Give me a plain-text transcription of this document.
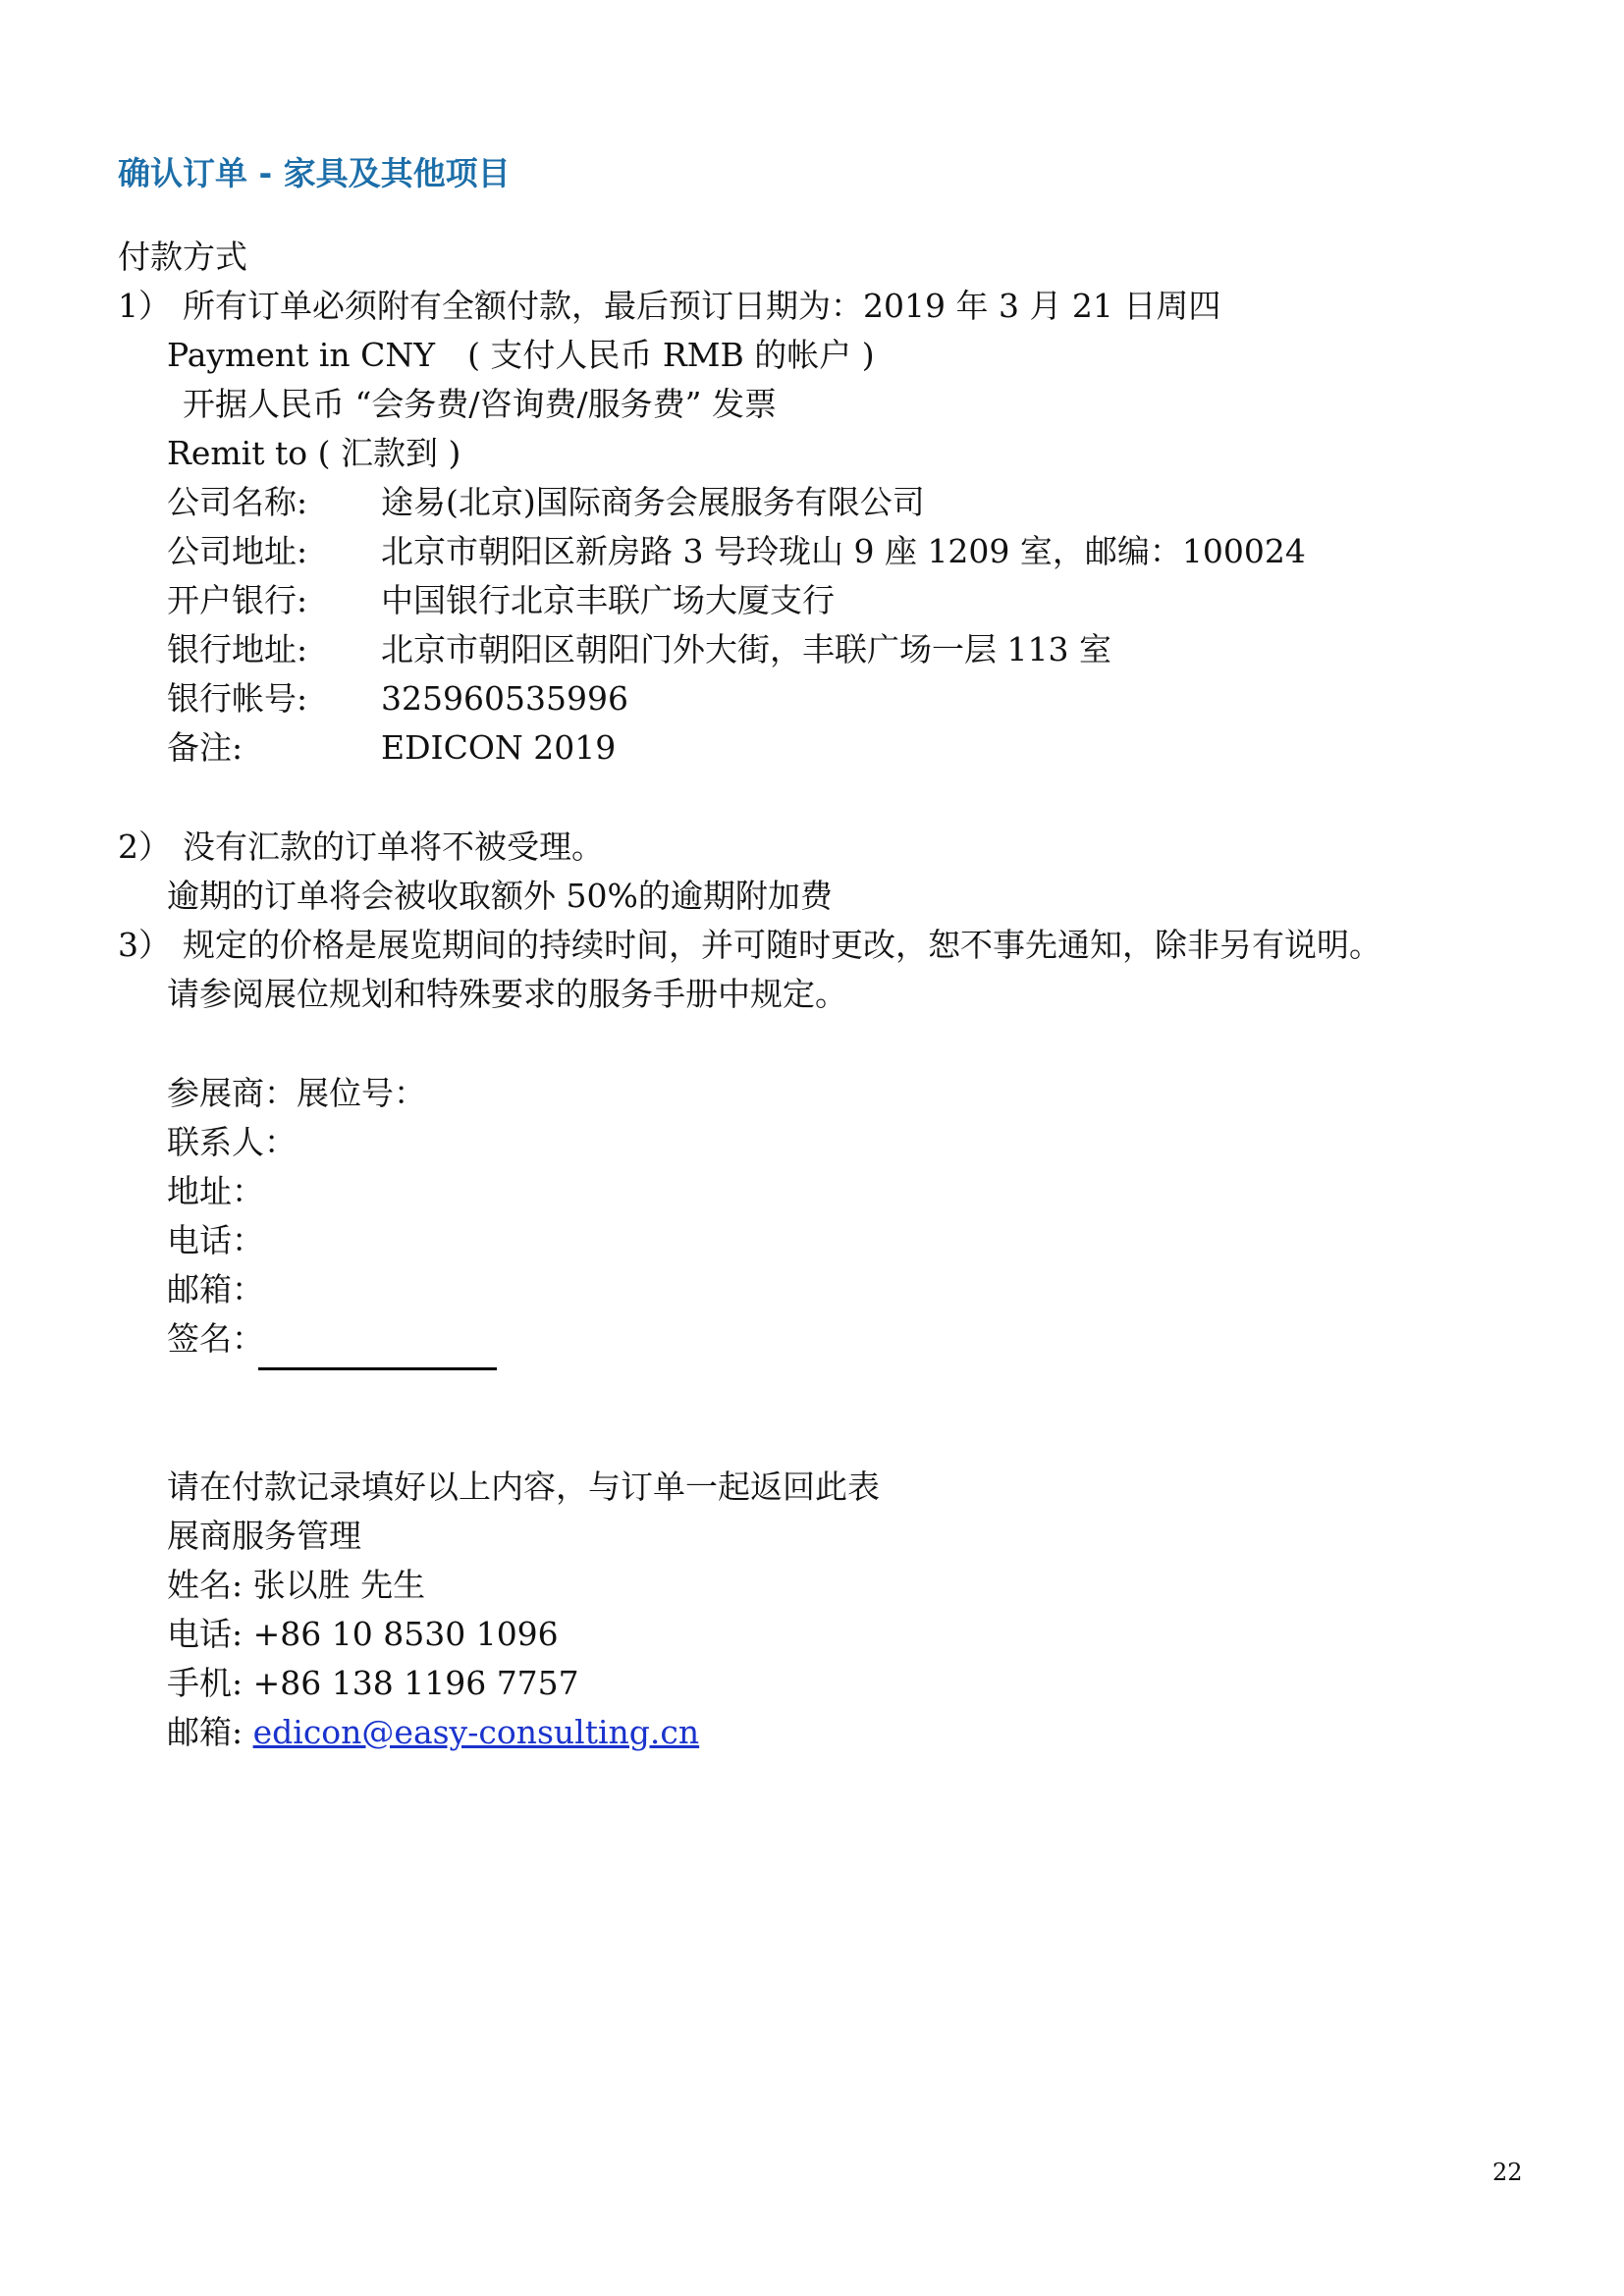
确认订单 - 家具及其他项目
付款方式
1） 所有订单必须附有全额付款，最后预订日期为：2019 年 3 月 21 日周四
Payment in CNY　( 支付人民币 RMB 的帐户 )
开据人民币 “会务费/咨询费/服务费” 发票
Remit to ( 汇款到 )
公司名称: 途易(北京)国际商务会展服务有限公司
公司地址: 北京市朝阳区新房路 3 号玲珑山 9 座 1209 室，邮编：100024
开户银行: 中国银行北京丰联广场大厦支行
银行地址: 北京市朝阳区朝阳门外大街，丰联广场一层 113 室
银行帐号: 325960535996
备注:	EDICON 2019
2） 没有汇款的订单将不被受理。
逾期的订单将会被收取额外 50%的逾期附加费
3） 规定的价格是展览期间的持续时间，并可随时更改，恕不事先通知，除非另有说明。
请参阅展位规划和特殊要求的服务手册中规定。
参展商：展位号：
联系人：
地址：
电话：
邮箱：
签名：
请在付款记录填好以上内容，与订单一起返回此表
展商服务管理
姓名: 张以胜 先生
电话: +86 10 8530 1096
手机: +86 138 1196 7757
邮箱: edicon@easy-consulting.cn
22
